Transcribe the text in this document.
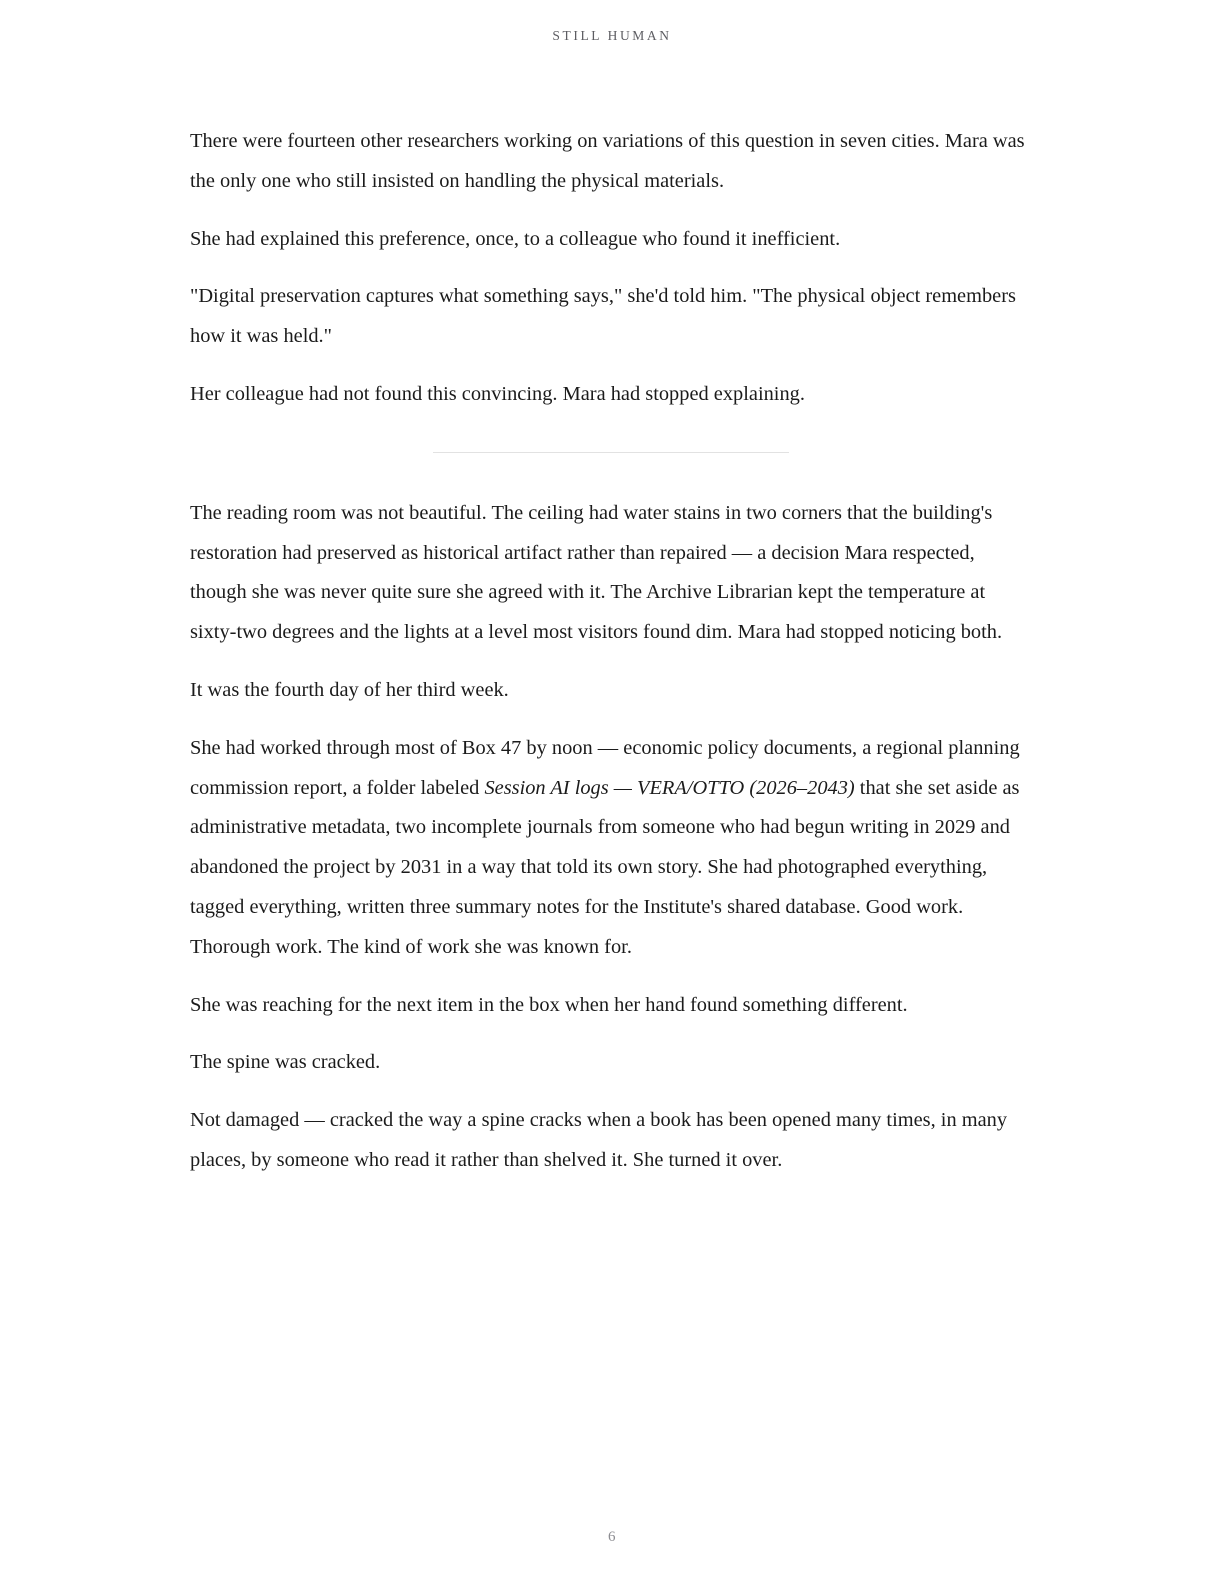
STILL HUMAN

There were fourteen other researchers working on variations of this question in seven cities. Mara was the only one who still insisted on handling the physical materials.

She had explained this preference, once, to a colleague who found it inefficient.

"Digital preservation captures what something says," she'd told him. "The physical object remembers how it was held."

Her colleague had not found this convincing. Mara had stopped explaining.

The reading room was not beautiful. The ceiling had water stains in two corners that the building's restoration had preserved as historical artifact rather than repaired — a decision Mara respected, though she was never quite sure she agreed with it. The Archive Librarian kept the temperature at sixty-two degrees and the lights at a level most visitors found dim. Mara had stopped noticing both.

It was the fourth day of her third week.

She had worked through most of Box 47 by noon — economic policy documents, a regional planning commission report, a folder labeled Session AI logs — VERA/OTTO (2026–2043) that she set aside as administrative metadata, two incomplete journals from someone who had begun writing in 2029 and abandoned the project by 2031 in a way that told its own story. She had photographed everything, tagged everything, written three summary notes for the Institute's shared database. Good work. Thorough work. The kind of work she was known for.

She was reaching for the next item in the box when her hand found something different.

The spine was cracked.

Not damaged — cracked the way a spine cracks when a book has been opened many times, in many places, by someone who read it rather than shelved it. She turned it over.

6
